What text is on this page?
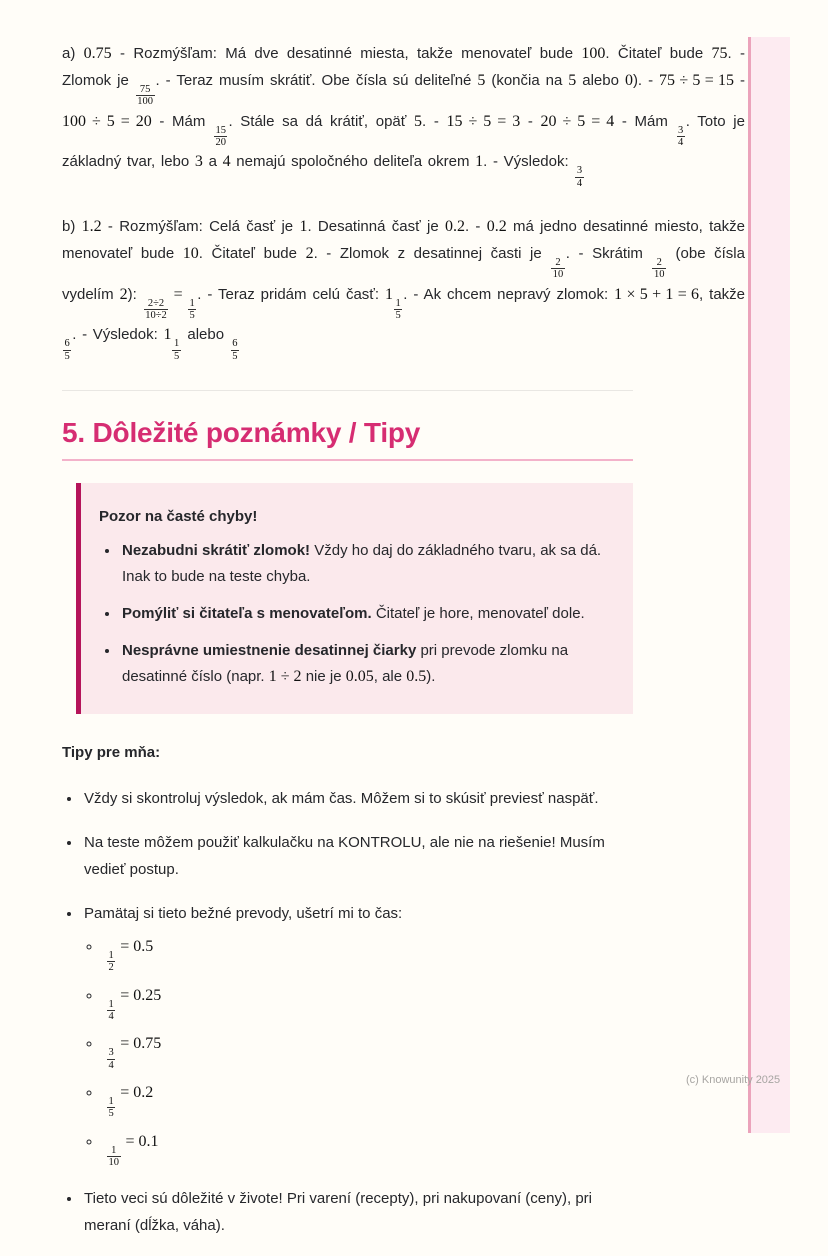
(c) Knowunity 2025

a) 0.75 - Rozmýšľam: Má dve desatinné miesta, takže menovateľ bude 100. Čitateľ bude 75. - Zlomok je
$\frac{75}{100}$
. - Teraz musím skrátiť. Obe čísla sú deliteľné 5 (končia na 5 alebo 0). - 75 ÷ 5 = 15 - 100 ÷ 5 = 20 - Mám
$\frac{15}{20}$
. Stále sa dá krátiť, opäť 5. - 15 ÷ 5 = 3 - 20 ÷ 5 = 4 - Mám
$\frac{3}{4}$
. Toto je základný tvar, lebo 3 a 4 nemajú spoločného deliteľa okrem 1. - Výsledok:
$\frac{3}{4}$

b) 1.2 - Rozmýšľam: Celá časť je 1. Desatinná časť je 0.2. - 0.2 má jedno desatinné miesto, takže menovateľ bude 10. Čitateľ bude 2. - Zlomok z desatinnej časti je
$\frac{2}{10}$
. - Skrátim
$\frac{2}{10}$
(obe čísla vydelím 2):
$\frac{2\div 2}{10\div 2}$
=
$\frac{1}{5}$
. - Teraz pridám celú časť: 1
$\frac{1}{5}$
. - Ak chcem nepravý zlomok: 1 × 5 + 1 = 6, takže
$\frac{6}{5}$
. - Výsledok: 1
$\frac{1}{5}$
alebo
$\frac{6}{5}$

5. Dôležité poznámky / Tipy
Pozor na časté chyby!
• Nezabudni skrátiť zlomok! Vždy ho daj do základného tvaru, ak sa dá. Inak to bude na teste chyba.
• Pomýliť si čitateľa s menovateľom. Čitateľ je hore, menovateľ dole.
• Nesprávne umiestnenie desatinnej čiarky pri prevode zlomku na desatinné číslo (napr. 1 ÷ 2 nie je 0.05, ale 0.5).
Tipy pre mňa:
• Vždy si skontroluj výsledok, ak mám čas. Môžem si to skúsiť previesť naspäť.
• Na teste môžem použiť kalkulačku na KONTROLU, ale nie na riešenie! Musím vedieť postup.
• Pamätaj si tieto bežné prevody, ušetrí mi to čas:
◦ $\frac{1}{2}$
= 0.5
◦ $\frac{1}{4}$
= 0.25
◦ $\frac{3}{4}$
= 0.75
◦ $\frac{1}{5}$
= 0.2
◦ $\frac{1}{10}$
= 0.1
• Tieto veci sú dôležité v živote! Pri varení (recepty), pri nakupovaní (ceny), pri meraní (dĺžka, váha).
